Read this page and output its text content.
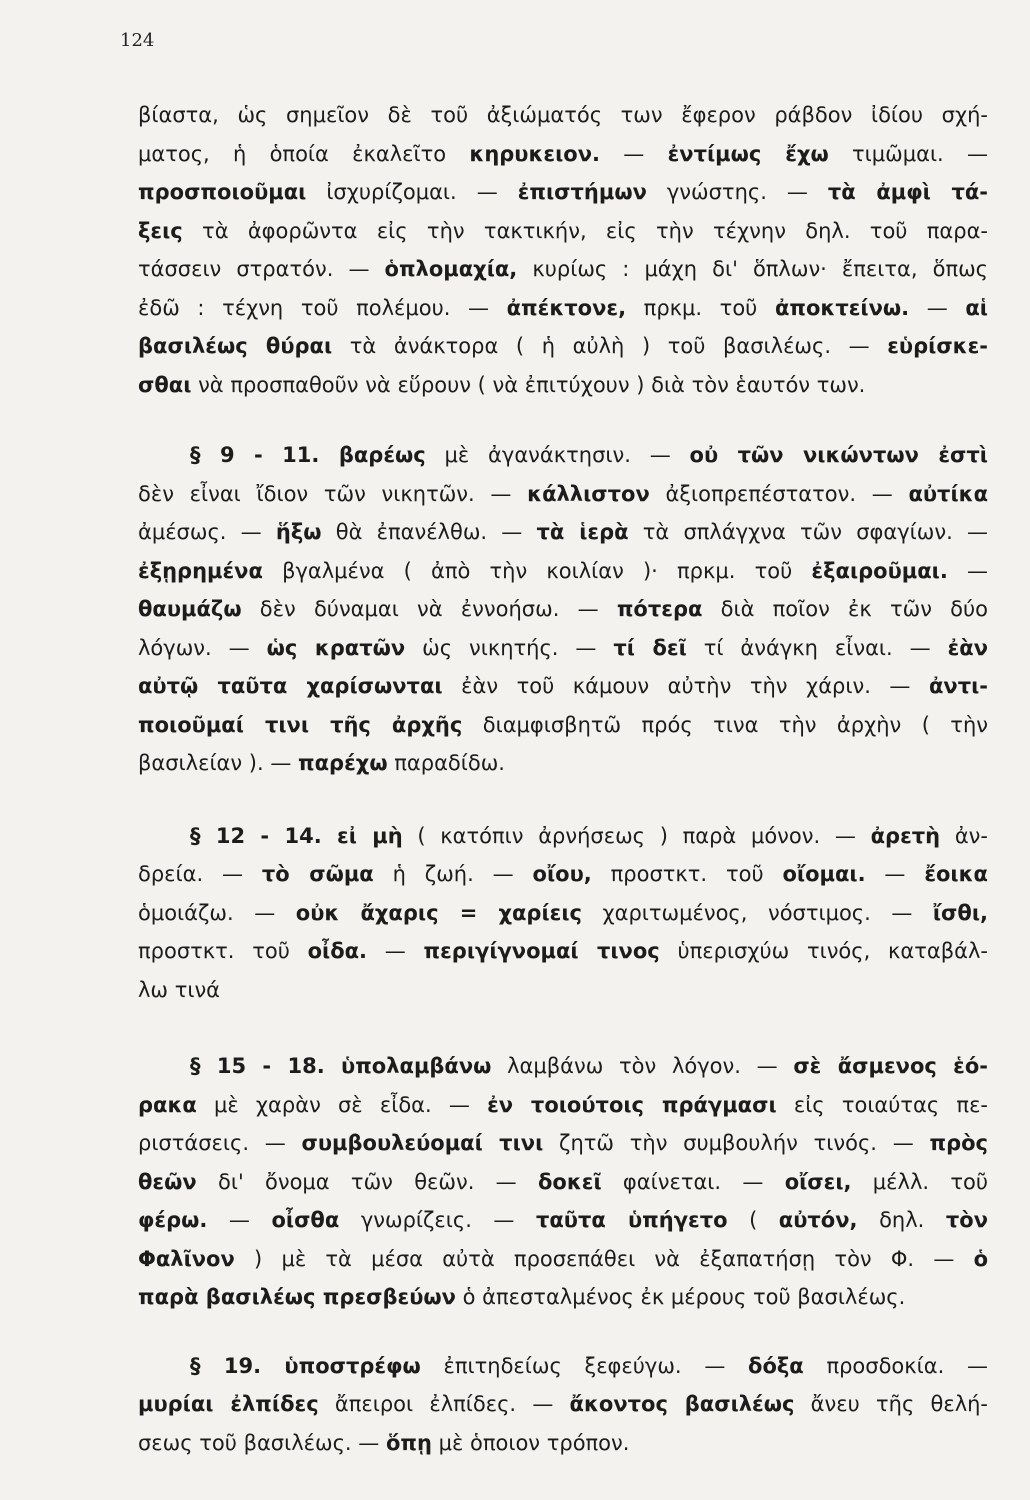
124
βίαστα, ὡς σημεῖον δὲ τοῦ ἀξιώματός των ἔφερον ράβδον ἰδίου σχή-
ματος, ἡ ὁποία ἐκαλεῖτο κηρυκειον. — ἐντίμως ἔχω τιμῶμαι. —
προσποιοῦμαι ἰσχυρίζομαι. — ἐπιστήμων γνώστης. — τὰ ἀμφὶ τά-
ξεις τὰ ἀφορῶντα εἰς τὴν τακτικήν, εἰς τὴν τέχνην δηλ. τοῦ παρα-
τάσσειν στρατόν. — ὁπλομαχία, κυρίως : μάχη δι' ὅπλων· ἔπειτα, ὅπως
ἐδῶ : τέχνη τοῦ πολέμου. — ἀπέκτονε, πρκμ. τοῦ ἀποκτείνω. — αἱ
βασιλέως θύραι τὰ ἀνάκτορα ( ἡ αὐλὴ ) τοῦ βασιλέως. — εὑρίσκε-
σθαι νὰ προσπαθοῦν νὰ εὕρουν ( νὰ ἐπιτύχουν ) διὰ τὸν ἑαυτόν των.
§ 9 - 11. βαρέως μὲ ἀγανάκτησιν. — οὐ τῶν νικώντων ἐστὶ
δὲν εἶναι ἴδιον τῶν νικητῶν. — κάλλιστον ἀξιοπρεπέστατον. — αὐτίκα
ἀμέσως. — ἥξω θὰ ἐπανέλθω. — τὰ ἱερὰ τὰ σπλάγχνα τῶν σφαγίων. —
ἐξῃρημένα βγαλμένα ( ἀπὸ τὴν κοιλίαν )· πρκμ. τοῦ ἐξαιροῦμαι. —
θαυμάζω δὲν δύναμαι νὰ ἐννοήσω. — πότερα διὰ ποῖον ἐκ τῶν δύο
λόγων. — ὡς κρατῶν ὡς νικητής. — τί δεῖ τί ἀνάγκη εἶναι. — ἐὰν
αὐτῷ ταῦτα χαρίσωνται ἐὰν τοῦ κάμουν αὐτὴν τὴν χάριν. — ἀντι-
ποιοῦμαί τινι τῆς ἀρχῆς διαμφισβητῶ πρός τινα τὴν ἀρχὴν ( τὴν
βασιλείαν ). — παρέχω παραδίδω.
§ 12 - 14. εἰ μὴ ( κατόπιν ἀρνήσεως ) παρὰ μόνον. — ἀρετὴ ἀν-
δρεία. — τὸ σῶμα ἡ ζωή. — οἴου, προστκτ. τοῦ οἴομαι. — ἔοικα
ὁμοιάζω. — οὐκ ἄχαρις = χαρίεις χαριτωμένος, νόστιμος. — ἴσθι,
προστκτ. τοῦ οἶδα. — περιγίγνομαί τινος ὑπερισχύω τινός, καταβάλ-
λω τινά
§ 15 - 18. ὑπολαμβάνω λαμβάνω τὸν λόγον. — σὲ ἄσμενος ἑό-
ρακα μὲ χαρὰν σὲ εἶδα. — ἐν τοιούτοις πράγμασι εἰς τοιαύτας πε-
ριστάσεις. — συμβουλεύομαί τινι ζητῶ τὴν συμβουλήν τινός. — πρὸς
θεῶν δι' ὄνομα τῶν θεῶν. — δοκεῖ φαίνεται. — οἴσει, μέλλ. τοῦ
φέρω. — οἶσθα γνωρίζεις. — ταῦτα ὑπήγετο ( αὐτόν, δηλ. τὸν
Φαλῖνον ) μὲ τὰ μέσα αὐτὰ προσεπάθει νὰ ἐξαπατήσῃ τὸν Φ. — ὁ
παρὰ βασιλέως πρεσβεύων ὁ ἀπεσταλμένος ἐκ μέρους τοῦ βασιλέως.
§ 19. ὑποστρέφω ἐπιτηδείως ξεφεύγω. — δόξα προσδοκία. —
μυρίαι ἐλπίδες ἄπειροι ἐλπίδες. — ἄκοντος βασιλέως ἄνευ τῆς θελή-
σεως τοῦ βασιλέως. — ὅπῃ μὲ ὁποιον τρόπον.
